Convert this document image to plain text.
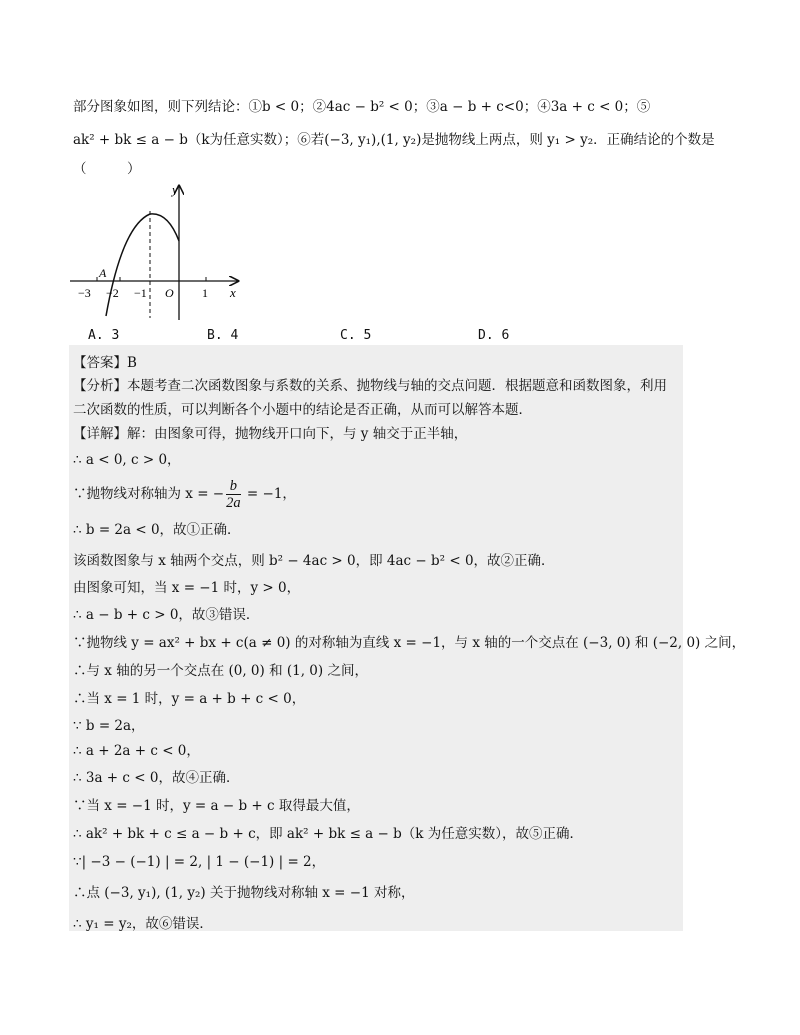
部分图象如图，则下列结论：①b < 0；②4ac − b² < 0；③a − b + c<0；④3a + c < 0；⑤
ak² + bk ≤ a − b（k为任意实数）；⑥若(−3, y₁),(1, y₂)是抛物线上两点，则 y₁ > y₂．正确结论的个数是
（　　　）
y
x
A
O
−3 −2 −1	1
A. 3	B. 4	C. 5	D. 6
【答案】B
【分析】本题考查二次函数图象与系数的关系、抛物线与轴的交点问题．根据题意和函数图象，利用
二次函数的性质，可以判断各个小题中的结论是否正确，从而可以解答本题．
【详解】解：由图象可得，抛物线开口向下，与 y 轴交于正半轴，
∴ a < 0, c > 0，
∵抛物线对称轴为 x = − $\frac{b}{2a} = -1$，
∴ b = 2a < 0，故①正确．
该函数图象与 x 轴两个交点，则 b² − 4ac > 0，即 4ac − b² < 0，故②正确．
由图象可知，当 x = −1 时，y > 0，
∴ a − b + c > 0，故③错误．
∵抛物线 y = ax² + bx + c(a ≠ 0) 的对称轴为直线 x = −1，与 x 轴的一个交点在 (−3, 0) 和 (−2, 0) 之间，
∴与 x 轴的另一个交点在 (0, 0) 和 (1, 0) 之间，
∴当 x = 1 时，y = a + b + c < 0，
∵ b = 2a，
∴ a + 2a + c < 0，
∴ 3a + c < 0，故④正确．
∵当 x = −1 时，y = a − b + c 取得最大值，
∴ ak² + bk + c ≤ a − b + c，即 ak² + bk ≤ a − b（k 为任意实数），故⑤正确．
∵| −3 − (−1) | = 2, | 1 − (−1) | = 2，
∴点 (−3, y₁), (1, y₂) 关于抛物线对称轴 x = −1 对称，
∴ y₁ = y₂，故⑥错误．
